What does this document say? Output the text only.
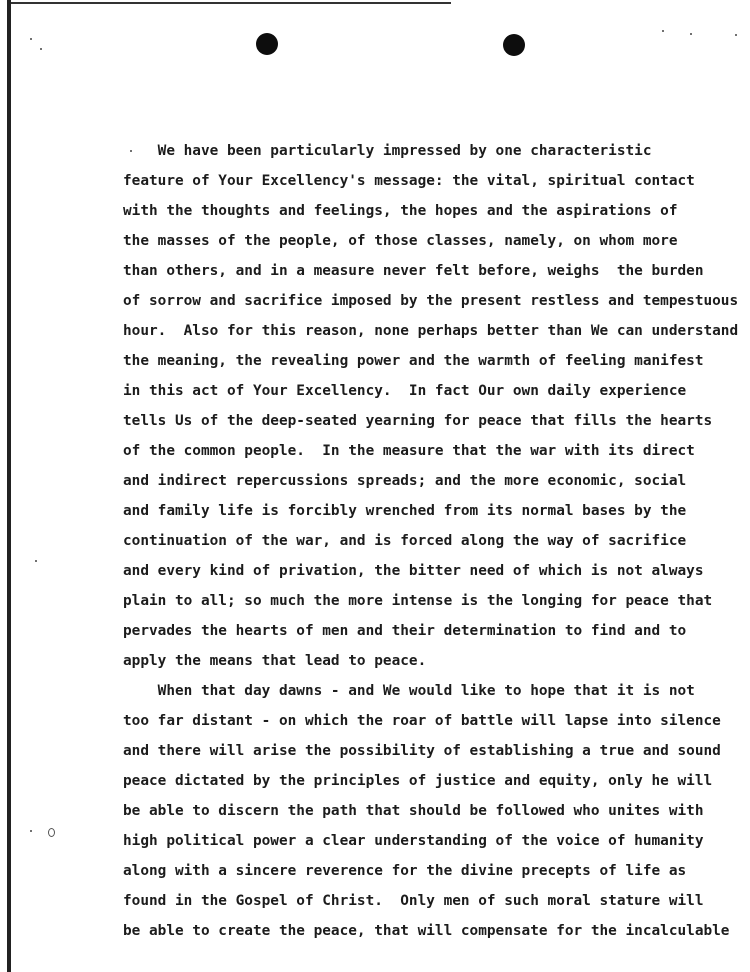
We have been particularly impressed by one characteristic
feature of Your Excellency's message: the vital, spiritual contact
with the thoughts and feelings, the hopes and the aspirations of
the masses of the people, of those classes, namely, on whom more
than others, and in a measure never felt before, weighs  the burden
of sorrow and sacrifice imposed by the present restless and tempestuous
hour.  Also for this reason, none perhaps better than We can understand
the meaning, the revealing power and the warmth of feeling manifest
in this act of Your Excellency.  In fact Our own daily experience
tells Us of the deep-seated yearning for peace that fills the hearts
of the common people.  In the measure that the war with its direct
and indirect repercussions spreads; and the more economic, social
and family life is forcibly wrenched from its normal bases by the
continuation of the war, and is forced along the way of sacrifice
and every kind of privation, the bitter need of which is not always
plain to all; so much the more intense is the longing for peace that
pervades the hearts of men and their determination to find and to
apply the means that lead to peace.
When that day dawns - and We would like to hope that it is not
too far distant - on which the roar of battle will lapse into silence
and there will arise the possibility of establishing a true and sound
peace dictated by the principles of justice and equity, only he will
be able to discern the path that should be followed who unites with
high political power a clear understanding of the voice of humanity
along with a sincere reverence for the divine precepts of life as
found in the Gospel of Christ.  Only men of such moral stature will
be able to create the peace, that will compensate for the incalculable
